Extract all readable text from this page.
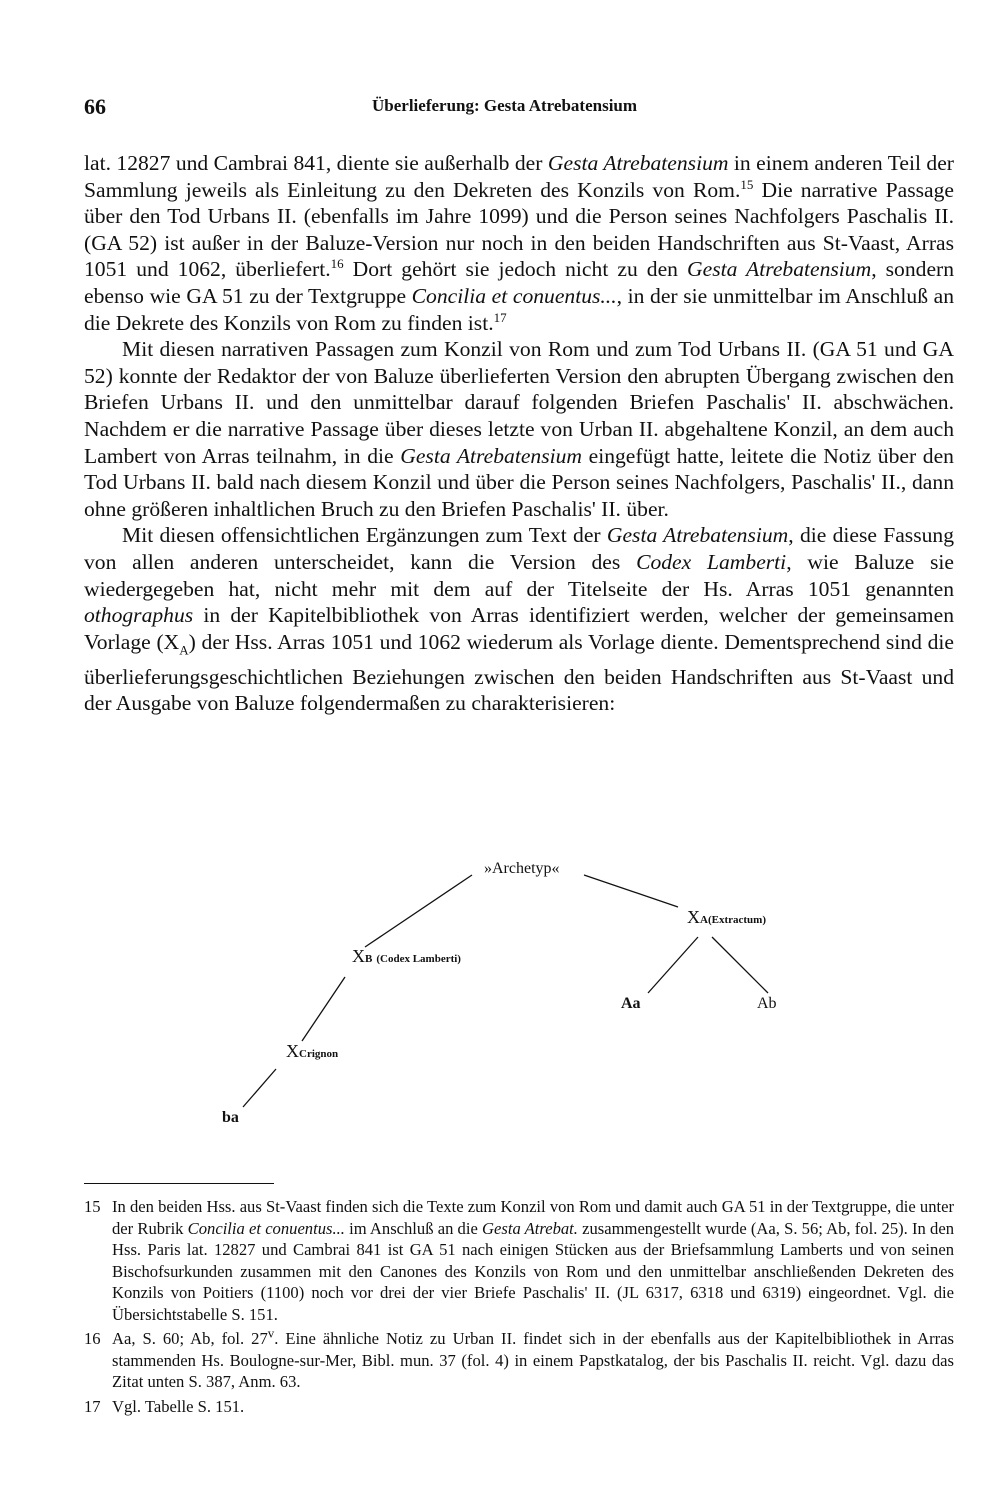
66	Überlieferung: Gesta Atrebatensium

lat. 12827 und Cambrai 841, diente sie außerhalb der Gesta Atrebatensium in einem anderen Teil der Sammlung jeweils als Einleitung zu den Dekreten des Konzils von Rom.$^{15}$ Die narrative Passage über den Tod Urbans II. (ebenfalls im Jahre 1099) und die Person seines Nachfolgers Paschalis II. (GA 52) ist außer in der Baluze-Version nur noch in den beiden Handschriften aus St-Vaast, Arras 1051 und 1062, überliefert.$^{16}$ Dort gehört sie jedoch nicht zu den Gesta Atrebatensium, sondern ebenso wie GA 51 zu der Textgruppe Concilia et conuentus..., in der sie unmittelbar im Anschluß an die Dekrete des Konzils von Rom zu finden ist.$^{17}$

Mit diesen narrativen Passagen zum Konzil von Rom und zum Tod Urbans II. (GA 51 und GA 52) konnte der Redaktor der von Baluze überlieferten Version den abrupten Übergang zwischen den Briefen Urbans II. und den unmittelbar darauf folgenden Briefen Paschalis' II. abschwächen. Nachdem er die narrative Passage über dieses letzte von Urban II. abgehaltene Konzil, an dem auch Lambert von Arras teilnahm, in die Gesta Atrebatensium eingefügt hatte, leitete die Notiz über den Tod Urbans II. bald nach diesem Konzil und über die Person seines Nachfolgers, Paschalis' II., dann ohne größeren inhaltlichen Bruch zu den Briefen Paschalis' II. über.

Mit diesen offensichtlichen Ergänzungen zum Text der Gesta Atrebatensium, die diese Fassung von allen anderen unterscheidet, kann die Version des Codex Lamberti, wie Baluze sie wiedergegeben hat, nicht mehr mit dem auf der Titelseite der Hs. Arras 1051 genannten othographus in der Kapitelbibliothek von Arras identifiziert werden, welcher der gemeinsamen Vorlage $(X_A)$ der Hss. Arras 1051 und 1062 wiederum als Vorlage diente. Dementsprechend sind die überlieferungsgeschichtlichen Beziehungen zwischen den beiden Handschriften aus St-Vaast und der Ausgabe von Baluze folgendermaßen zu charakterisieren:

»Archetyp«
XA(Extractum)
XB (Codex Lamberti)
Aa	Ab
XCrignon
ba
15 In den beiden Hss. aus St-Vaast finden sich die Texte zum Konzil von Rom und damit auch GA 51 in der Textgruppe, die unter der Rubrik Concilia et conuentus... im Anschluß an die Gesta Atrebat. zusammengestellt wurde (Aa, S. 56; Ab, fol. 25). In den Hss. Paris lat. 12827 und Cambrai 841 ist GA 51 nach einigen Stücken aus der Briefsammlung Lamberts und von seinen Bischofsurkunden zusammen mit den Canones des Konzils von Rom und den unmittelbar anschließenden Dekreten des Konzils von Poitiers (1100) noch vor drei der vier Briefe Paschalis' II. (JL 6317, 6318 und 6319) eingeordnet. Vgl. die Übersichtstabelle S. 151.
16 Aa, S. 60; Ab, fol. 27$^v$. Eine ähnliche Notiz zu Urban II. findet sich in der ebenfalls aus der Kapitelbibliothek in Arras stammenden Hs. Boulogne-sur-Mer, Bibl. mun. 37 (fol. 4) in einem Papstkatalog, der bis Paschalis II. reicht. Vgl. dazu das Zitat unten S. 387, Anm. 63.
17 Vgl. Tabelle S. 151.
